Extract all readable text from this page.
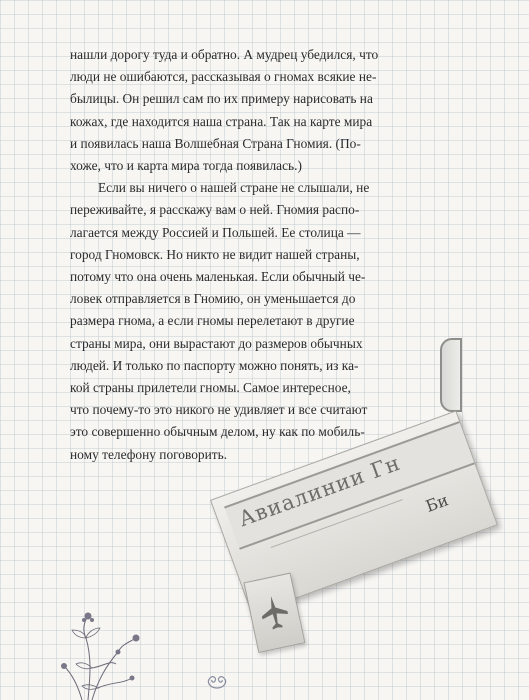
нашли дорогу туда и обратно. А мудрец убедился, что
люди не ошибаются, рассказывая о гномах всякие не-
былицы. Он решил сам по их примеру нарисовать на
кожах, где находится наша страна. Так на карте мира
и появилась наша Волшебная Страна Гномия. (По-
хоже, что и карта мира тогда появилась.)

Если вы ничего о нашей стране не слышали, не
переживайте, я расскажу вам о ней. Гномия распо-
лагается между Россией и Польшей. Ее столица —
город Гномовск. Но никто не видит нашей страны,
потому что она очень маленькая. Если обычный че-
ловек отправляется в Гномию, он уменьшается до
размера гнома, а если гномы перелетают в другие
страны мира, они вырастают до размеров обычных
людей. И только по паспорту можно понять, из ка-
кой страны прилетели гномы. Самое интересное,
что почему-то это никого не удивляет и все считают
это совершенно обычным делом, ну как по мобиль-
ному телефону поговорить. Авиалинии Гн Би
